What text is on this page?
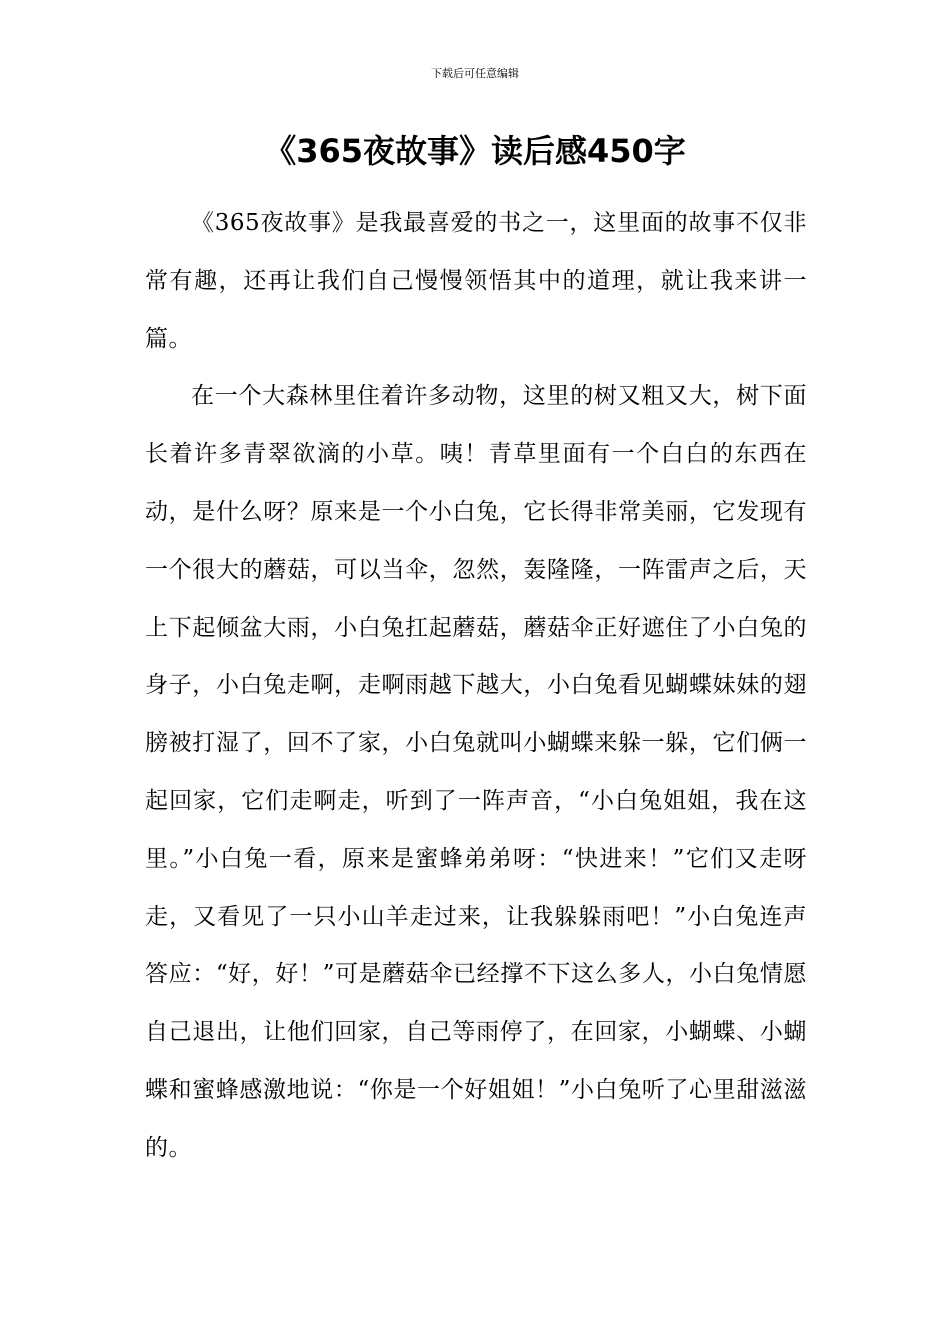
下载后可任意编辑
《365夜故事》读后感450字

《365夜故事》是我最喜爱的书之一，这里面的故事不仅非常有趣，还再让我们自己慢慢领悟其中的道理，就让我来讲一篇。

在一个大森林里住着许多动物，这里的树又粗又大，树下面长着许多青翠欲滴的小草。咦！青草里面有一个白白的东西在动，是什么呀？原来是一个小白兔，它长得非常美丽，它发现有一个很大的蘑菇，可以当伞，忽然，轰隆隆，一阵雷声之后，天上下起倾盆大雨，小白兔扛起蘑菇，蘑菇伞正好遮住了小白兔的身子，小白兔走啊，走啊雨越下越大，小白兔看见蝴蝶妹妹的翅膀被打湿了，回不了家，小白兔就叫小蝴蝶来躲一躲，它们俩一起回家，它们走啊走，听到了一阵声音，“小白兔姐姐，我在这里。”小白兔一看，原来是蜜蜂弟弟呀：“快进来！”它们又走呀走，又看见了一只小山羊走过来，让我躲躲雨吧！”小白兔连声答应：“好，好！”可是蘑菇伞已经撑不下这么多人，小白兔情愿自己退出，让他们回家，自己等雨停了，在回家，小蝴蝶、小蝴蝶和蜜蜂感激地说：“你是一个好姐姐！”小白兔听了心里甜滋滋的。
